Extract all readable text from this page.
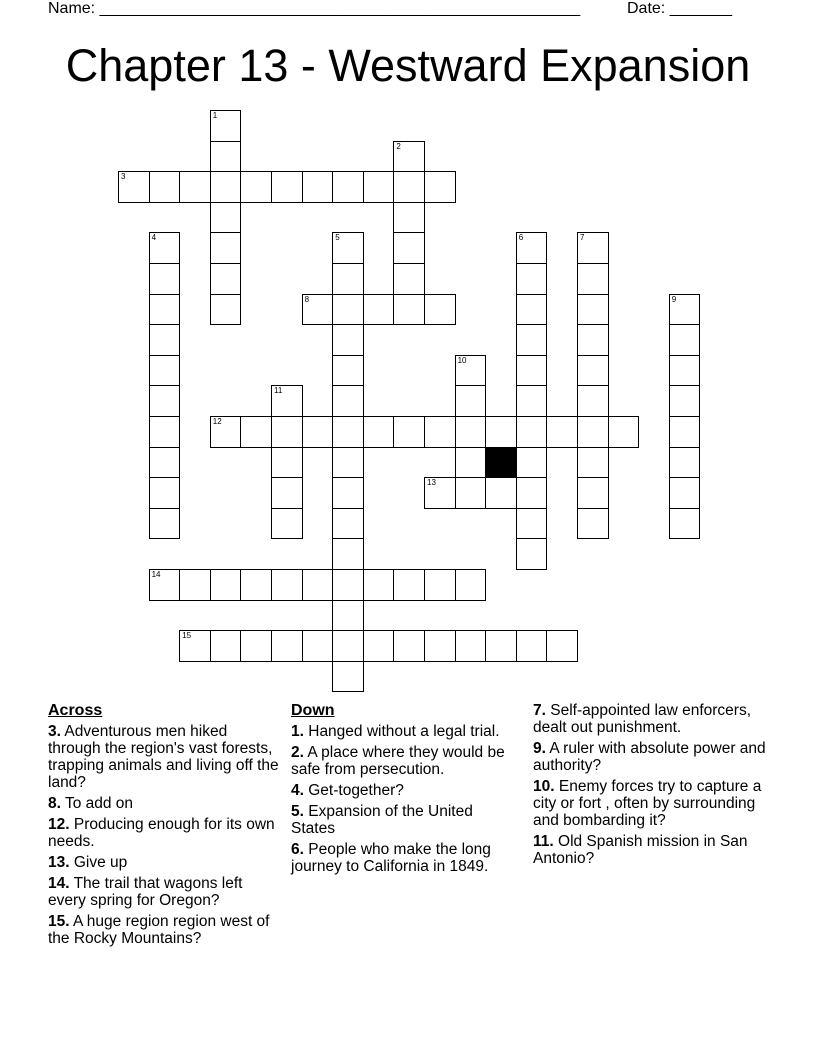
Name: ______________________________________________________	Date: _______
Chapter 13 - Westward Expansion
3
8
12
13
14
15
1
2
4	5	6	7
9
10
11
Across
3. Adventurous men hiked through the region's vast forests, trapping animals and living off the land?
8. To add on
12. Producing enough for its own needs.
13. Give up
14. The trail that wagons left every spring for Oregon?
15. A huge region region west of the Rocky Mountains?
Down
1. Hanged without a legal trial.
2. A place where they would be safe from persecution.
4. Get-together?
5. Expansion of the United States
6. People who make the long journey to California in 1849.
7. Self-appointed law enforcers, dealt out punishment.
9. A ruler with absolute power and authority?
10. Enemy forces try to capture a city or fort , often by surrounding and bombarding it?
11. Old Spanish mission in San Antonio?
